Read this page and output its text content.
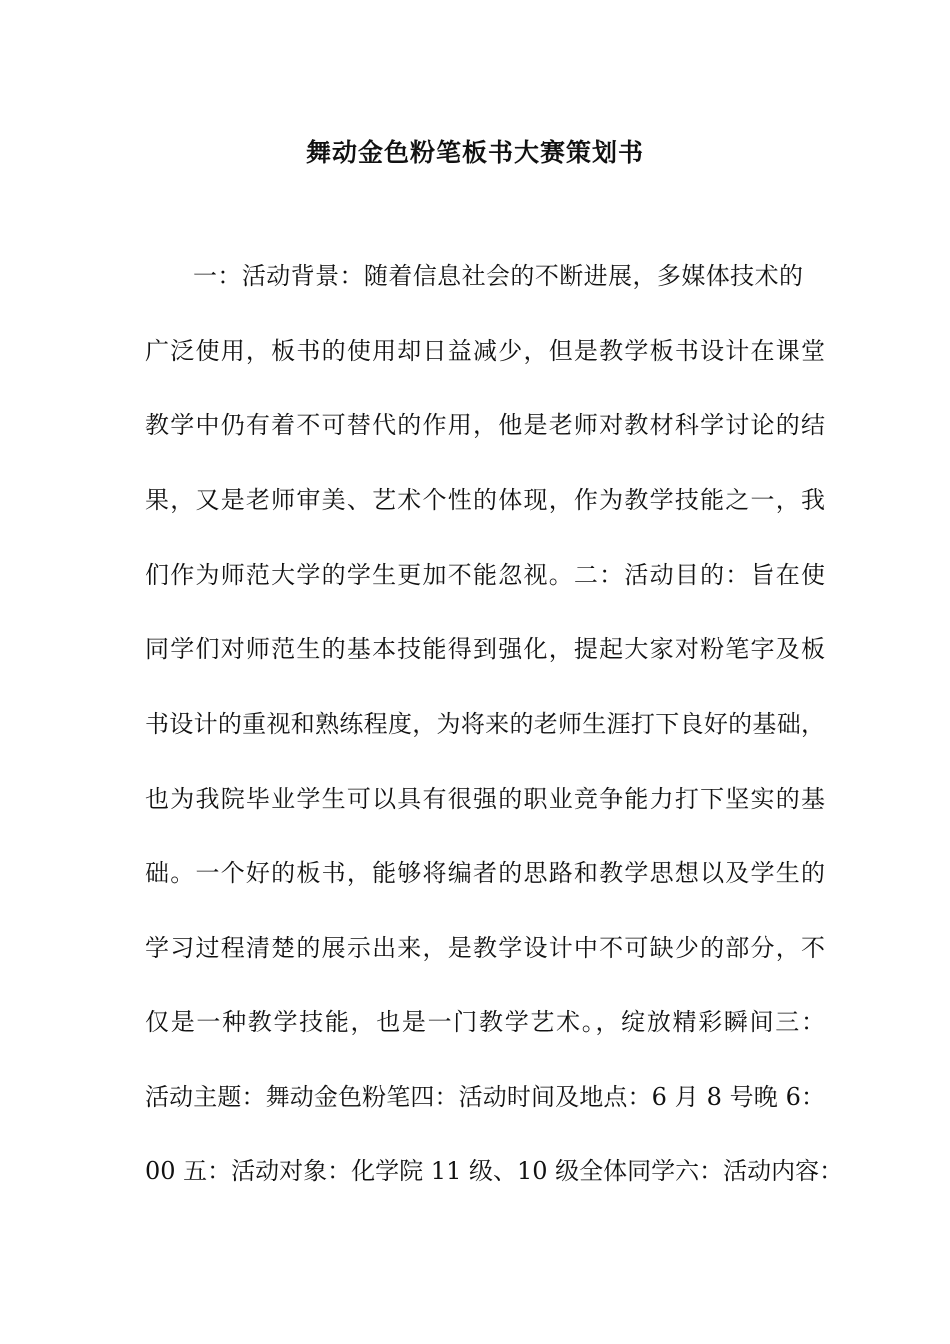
舞动金色粉笔板书大赛策划书
一：活动背景：随着信息社会的不断进展，多媒体技术的
广泛使用，板书的使用却日益减少，但是教学板书设计在课堂
教学中仍有着不可替代的作用，他是老师对教材科学讨论的结
果，又是老师审美、艺术个性的体现，作为教学技能之一，我
们作为师范大学的学生更加不能忽视。二：活动目的：旨在使
同学们对师范生的基本技能得到强化，提起大家对粉笔字及板
书设计的重视和熟练程度，为将来的老师生涯打下良好的基础，
也为我院毕业学生可以具有很强的职业竞争能力打下坚实的基
础。一个好的板书，能够将编者的思路和教学思想以及学生的
学习过程清楚的展示出来，是教学设计中不可缺少的部分，不
仅是一种教学技能，也是一门教学艺术。，绽放精彩瞬间三：
活动主题：舞动金色粉笔四：活动时间及地点：6 月 8 号晚 6：
00 五：活动对象：化学院 11 级、10 级全体同学六：活动内容：
